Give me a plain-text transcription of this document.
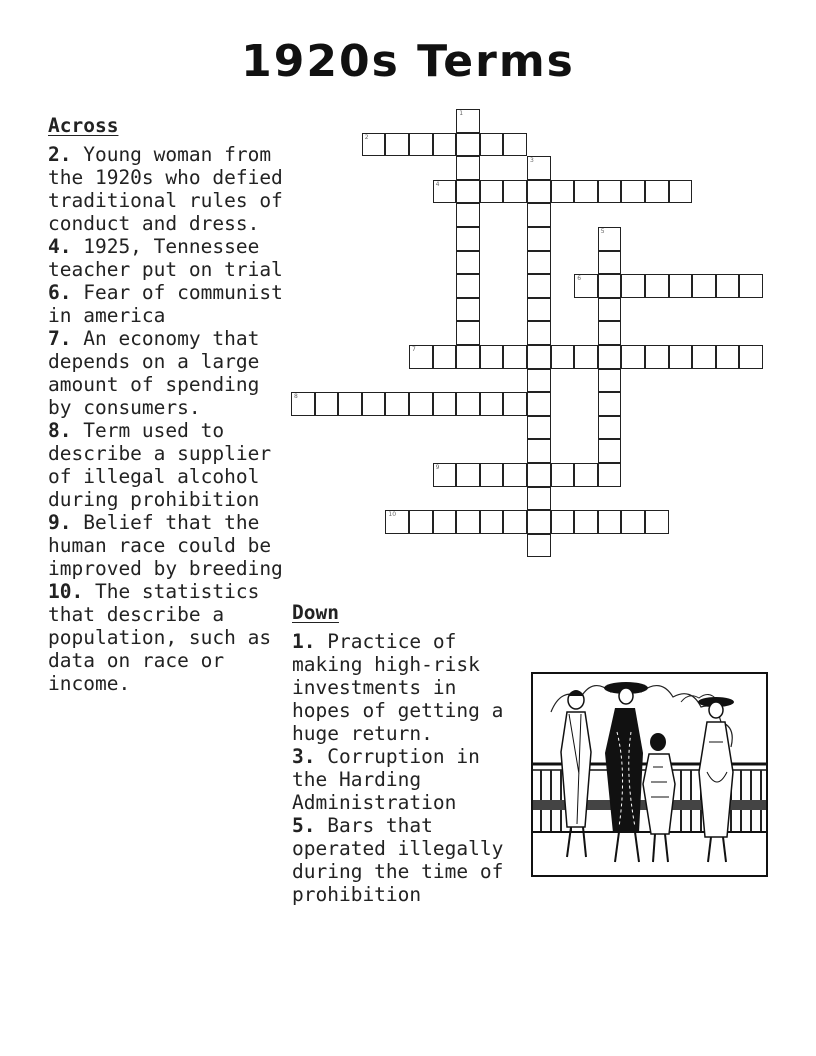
1920s Terms
Across

2. Young woman from the 1920s who defied traditional rules of conduct and dress.

4. 1925, Tennessee teacher put on trial

6. Fear of communist in america

7. An economy that depends on a large amount of spending by consumers.

8. Term used to describe a supplier of illegal alcohol during prohibition

9. Belief that the human race could be improved by breeding

10. The statistics that describe a population, such as data on race or income.

1
2
3
4
5
6
7
8
9
10
Down

1. Practice of making high-risk investments in hopes of getting a huge return.

3. Corruption in the Harding Administration

5. Bars that operated illegally during the time of prohibition
